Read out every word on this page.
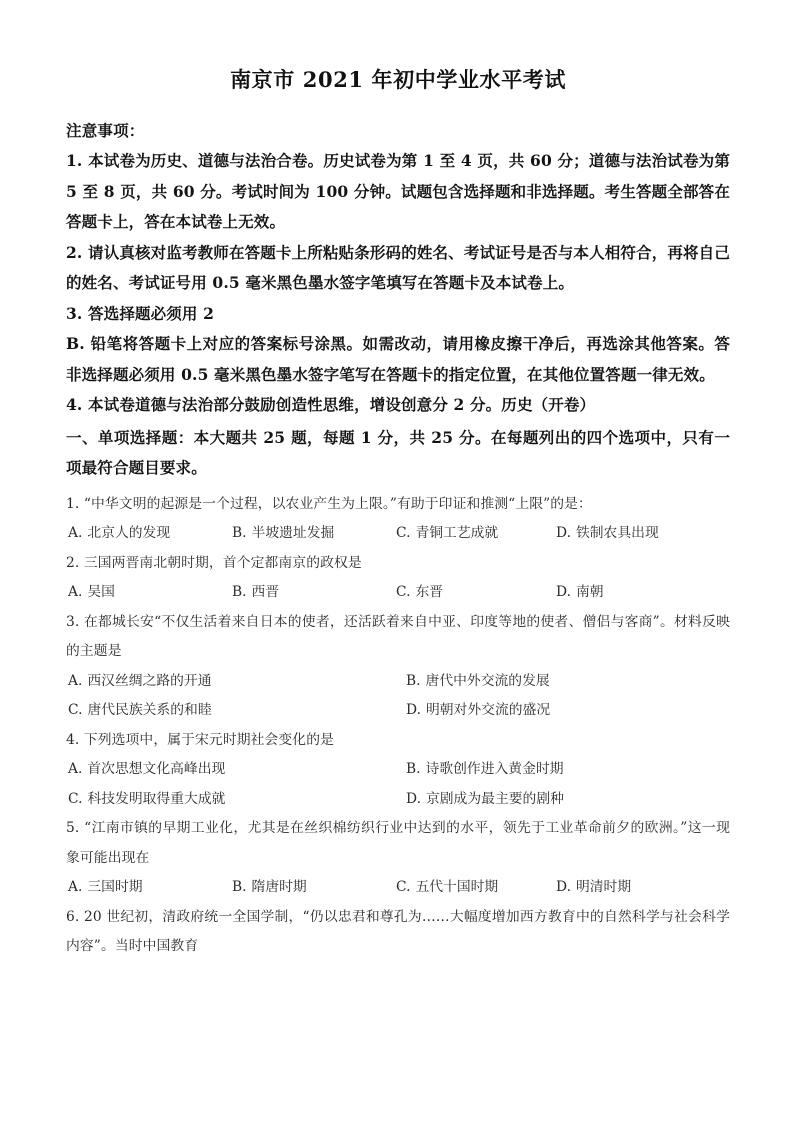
南京市 2021 年初中学业水平考试
注意事项：
1. 本试卷为历史、道德与法治合卷。历史试卷为第 1 至 4 页，共 60 分；道德与法治试卷为第 5 至 8 页，共 60 分。考试时间为 100 分钟。试题包含选择题和非选择题。考生答题全部答在答题卡上，答在本试卷上无效。
2. 请认真核对监考教师在答题卡上所粘贴条形码的姓名、考试证号是否与本人相符合，再将自己的姓名、考试证号用 0.5 毫米黑色墨水签字笔填写在答题卡及本试卷上。
3. 答选择题必须用 2
B. 铅笔将答题卡上对应的答案标号涂黑。如需改动，请用橡皮擦干净后，再选涂其他答案。答非选择题必须用 0.5 毫米黑色墨水签字笔写在答题卡的指定位置，在其他位置答题一律无效。
4. 本试卷道德与法治部分鼓励创造性思维，增设创意分 2 分。历史（开卷）
一、单项选择题：本大题共 25 题，每题 1 分，共 25 分。在每题列出的四个选项中，只有一项最符合题目要求。
1. “中华文明的起源是一个过程，以农业产生为上限。”有助于印证和推测“上限”的是：
A. 北京人的发现	B. 半坡遗址发掘	C. 青铜工艺成就	D. 铁制农具出现
2. 三国两晋南北朝时期，首个定都南京的政权是
A. 吴国	B. 西晋	C. 东晋	D. 南朝
3. 在都城长安“不仅生活着来自日本的使者，还活跃着来自中亚、印度等地的使者、僧侣与客商”。材料反映的主题是
A. 西汉丝绸之路的开通	B. 唐代中外交流的发展
C. 唐代民族关系的和睦	D. 明朝对外交流的盛况
4. 下列选项中，属于宋元时期社会变化的是
A. 首次思想文化高峰出现	B. 诗歌创作进入黄金时期
C. 科技发明取得重大成就	D. 京剧成为最主要的剧种
5. “江南市镇的早期工业化，尤其是在丝织棉纺织行业中达到的水平，领先于工业革命前夕的欧洲。”这一现象可能出现在
A. 三国时期	B. 隋唐时期	C. 五代十国时期	D. 明清时期
6. 20 世纪初，清政府统一全国学制，“仍以忠君和尊孔为……大幅度增加西方教育中的自然科学与社会科学内容”。当时中国教育
